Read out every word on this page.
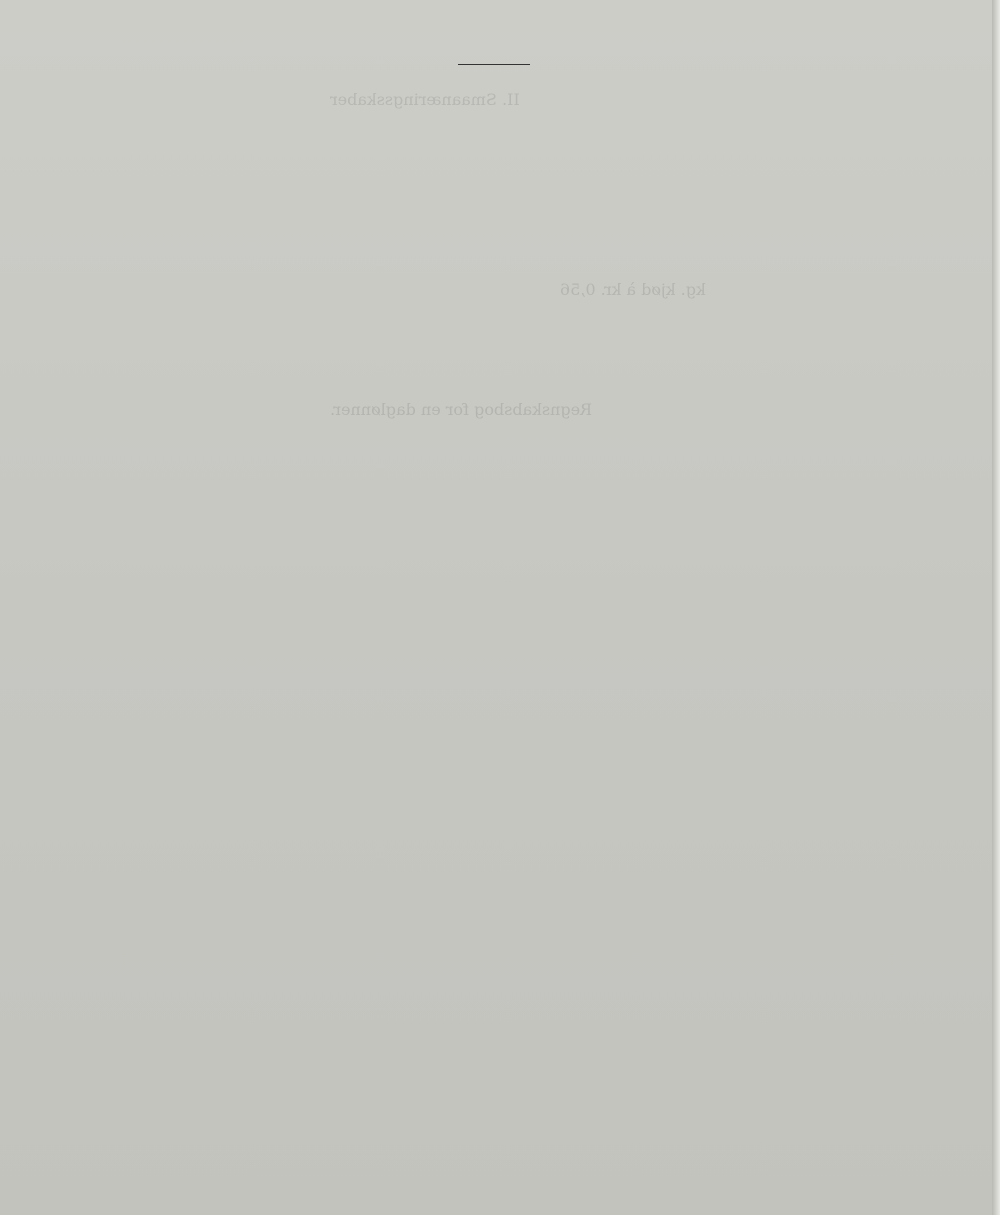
II. Smaanæringsskaber
kg. kjød à kr. 0,56
Regnskabsbog for en daglønner.
